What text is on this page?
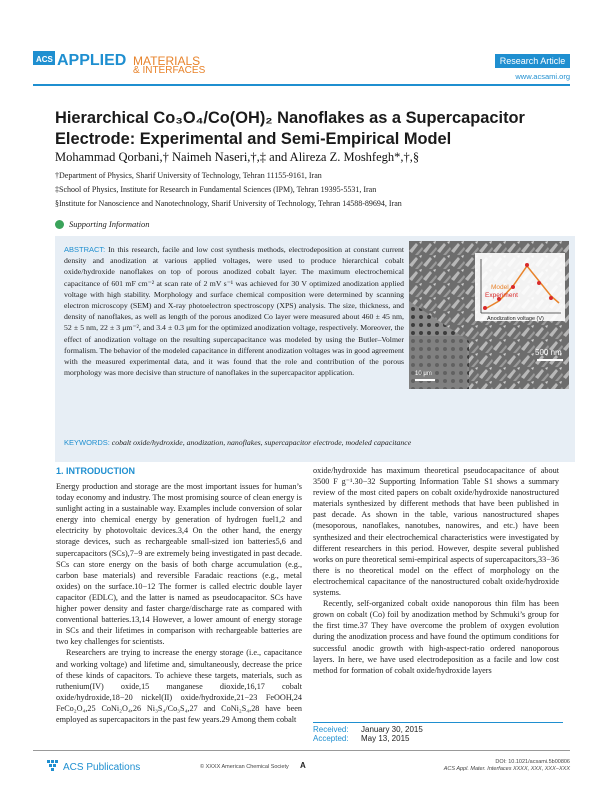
ACS APPLIED MATERIALS
& INTERFACES
Research Article
www.acsami.org
Hierarchical Co₃O₄/Co(OH)₂ Nanoflakes as a Supercapacitor
Electrode: Experimental and Semi-Empirical Model
Mohammad Qorbani,† Naimeh Naseri,†,‡ and Alireza Z. Moshfegh*,†,§
†Department of Physics, Sharif University of Technology, Tehran 11155-9161, Iran
‡School of Physics, Institute for Research in Fundamental Sciences (IPM), Tehran 19395-5531, Iran
§Institute for Nanoscience and Nanotechnology, Sharif University of Technology, Tehran 14588-89694, Iran
Supporting Information
ABSTRACT: In this research, facile and low cost synthesis methods, electrodeposition at constant current density and anodization at various applied voltages, were used to produce hierarchical cobalt oxide/hydroxide nanoflakes on top of porous anodized cobalt layer. The maximum electrochemical capacitance of 601 mF cm⁻² at scan rate of 2 mV s⁻¹ was achieved for 30 V optimized anodization applied voltage with high stability. Morphology and surface chemical composition were determined by scanning electron microscopy (SEM) and X-ray photoelectron spectroscopy (XPS) analysis. The size, thickness, and density of nanoflakes, as well as length of the porous anodized Co layer were measured about 460 ± 45 nm, 52 ± 5 nm, 22 ± 3 μm⁻², and 3.4 ± 0.3 μm for the optimized anodization voltage, respectively. Moreover, the effect of anodization voltage on the resulting supercapacitance was modeled by using the Butler–Volmer formalism. The behavior of the modeled capacitance in different anodization voltages was in good agreement with the measured experimental data, and it was found that the role and contribution of the porous morphology was more decisive than structure of nanoflakes in the supercapacitor application.
Model
Experiment
Anodization voltage (V)
10 μm
500 nm
KEYWORDS: cobalt oxide/hydroxide, anodization, nanoflakes, supercapacitor electrode, modeled capacitance
1. INTRODUCTION

Energy production and storage are the most important issues for human’s today economy and industry. The most promising source of clean energy is sunlight acting in a sustainable way. Examples include conversion of solar energy into chemical energy by generation of hydrogen fuel1,2 and electricity by photovoltaic devices.3,4 On the other hand, the energy storage devices, such as rechargeable small-sized ion batteries5,6 and supercapacitors (SCs),7−9 are extremely being investigated in past decade. SCs can store energy on the basis of both charge accumulation (e.g., carbon base materials) and reversible Faradaic reactions (e.g., metal oxides) on the surface.10−12 The former is called electric double layer capacitor (EDLC), and the latter is named as pseudocapacitor. SCs have higher power density and faster charge/discharge rate as compared with conventional batteries.13,14 However, a lower amount of energy storage in SCs and their lifetimes in comparison with rechargeable batteries are two key challenges for scientists.

Researchers are trying to increase the energy storage (i.e., capacitance and working voltage) and lifetime and, simultaneously, decrease the price of these kinds of capacitors. To achieve these targets, materials, such as ruthenium(IV) oxide,15 manganese dioxide,16,17 cobalt oxide/hydroxide,18−20 nickel(II) oxide/hydroxide,21−23 FeOOH,24 FeCo₂O₄,25 CoNi₂O₄,26 Ni₃S₄/Co₃S₄,27 and CoNi₂S₄,28 have been employed as supercapacitors in the past few years.29 Among them cobalt

oxide/hydroxide has maximum theoretical pseudocapacitance of about 3500 F g⁻¹.30−32 Supporting Information Table S1 shows a summary review of the most cited papers on cobalt oxide/hydroxide nanostructured materials synthesized by different methods that have been published in past decade. As shown in the table, various nanostructured shapes (mesoporous, nanoflakes, nanotubes, nanowires, and etc.) have been synthesized and their electrochemical characteristics were investigated by different researchers in this period. However, despite several published works on pure theoretical semi-empirical aspects of supercapacitors,33−36 there is no theoretical model on the effect of morphology on the electrochemical capacitance of the nanostructured cobalt oxide/hydroxide systems.

Recently, self-organized cobalt oxide nanoporous thin film has been grown on cobalt (Co) foil by anodization method by Schmuki’s group for the first time.37 They have overcome the problem of oxygen evolution during the anodization process and have found the optimum conditions for successful anodic growth with high-aspect-ratio ordered nanoporous layers. In here, we have used electrodeposition as a facile and low cost method for formation of cobalt oxide/hydroxide layers

Received: January 30, 2015
Accepted: May 13, 2015
ACS Publications	© XXXX American Chemical Society A	DOI: 10.1021/acsami.5b00806
ACS Appl. Mater. Interfaces XXXX, XXX, XXX−XXX
